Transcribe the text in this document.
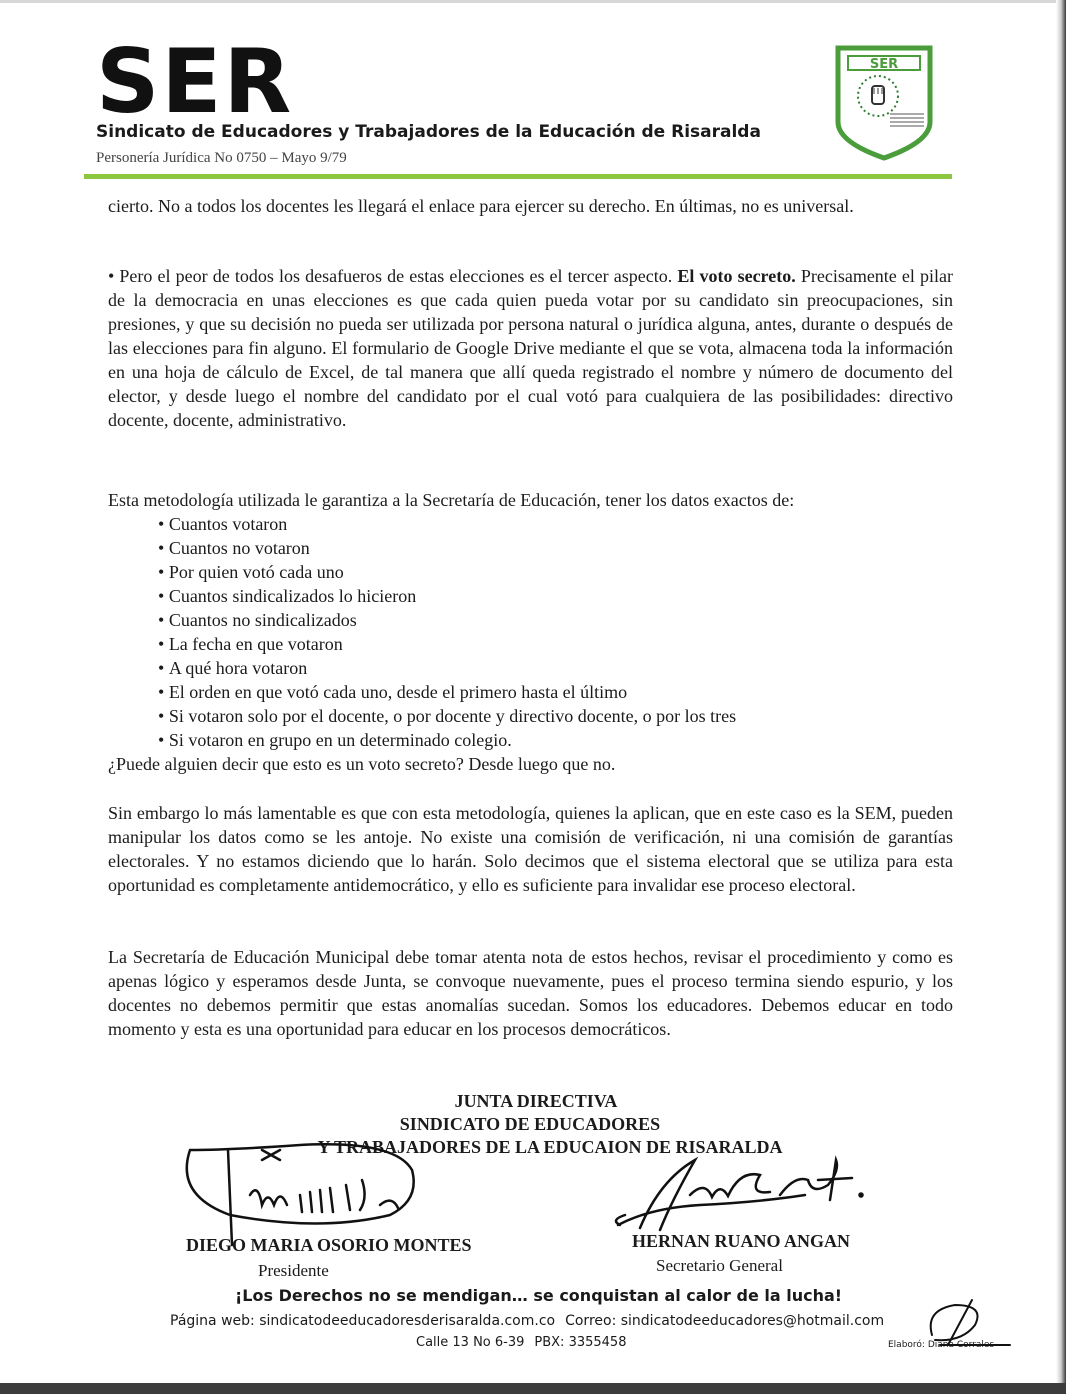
SER
Sindicato de Educadores y Trabajadores de la Educación de Risaralda
Personería Jurídica No 0750 – Mayo 9/79
SER
cierto. No a todos los docentes les llegará el enlace para ejercer su derecho. En últimas, no es universal.
• Pero el peor de todos los desafueros de estas elecciones es el tercer aspecto. El voto secreto. Precisamente el pilar de la democracia en unas elecciones es que cada quien pueda votar por su candidato sin preocupaciones, sin presiones, y que su decisión no pueda ser utilizada por persona natural o jurídica alguna, antes, durante o después de las elecciones para fin alguno. El formulario de Google Drive mediante el que se vota, almacena toda la información en una hoja de cálculo de Excel, de tal manera que allí queda registrado el nombre y número de documento del elector, y desde luego el nombre del candidato por el cual votó para cualquiera de las posibilidades: directivo docente, docente, administrativo.
Esta metodología utilizada le garantiza a la Secretaría de Educación, tener los datos exactos de:
• Cuantos votaron
• Cuantos no votaron
• Por quien votó cada uno
• Cuantos sindicalizados lo hicieron
• Cuantos no sindicalizados
• La fecha en que votaron
• A qué hora votaron
• El orden en que votó cada uno, desde el primero hasta el último
• Si votaron solo por el docente, o por docente y directivo docente, o por los tres
• Si votaron en grupo en un determinado colegio.
¿Puede alguien decir que esto es un voto secreto? Desde luego que no.
Sin embargo lo más lamentable es que con esta metodología, quienes la aplican, que en este caso es la SEM, pueden manipular los datos como se les antoje. No existe una comisión de verificación, ni una comisión de garantías electorales. Y no estamos diciendo que lo harán. Solo decimos que el sistema electoral que se utiliza para esta oportunidad es completamente antidemocrático, y ello es suficiente para invalidar ese proceso electoral.
La Secretaría de Educación Municipal debe tomar atenta nota de estos hechos, revisar el procedimiento y como es apenas lógico y esperamos desde Junta, se convoque nuevamente, pues el proceso termina siendo espurio, y los docentes no debemos permitir que estas anomalías sucedan. Somos los educadores. Debemos educar en todo momento y esta es una oportunidad para educar en los procesos democráticos.
JUNTA DIRECTIVA
SINDICATO DE EDUCADORES
Y TRABAJADORES DE LA EDUCAION DE RISARALDA
DIEGO MARIA OSORIO MONTES
Presidente
HERNAN RUANO ANGAN
Secretario General
¡Los Derechos no se mendigan… se conquistan al calor de la lucha!
Página web: sindicatodeeducadoresderisaralda.com.co Correo: sindicatodeeducadores@hotmail.com
Calle 13 No 6-39 PBX: 3355458	Elaboró: Diana Corrales
